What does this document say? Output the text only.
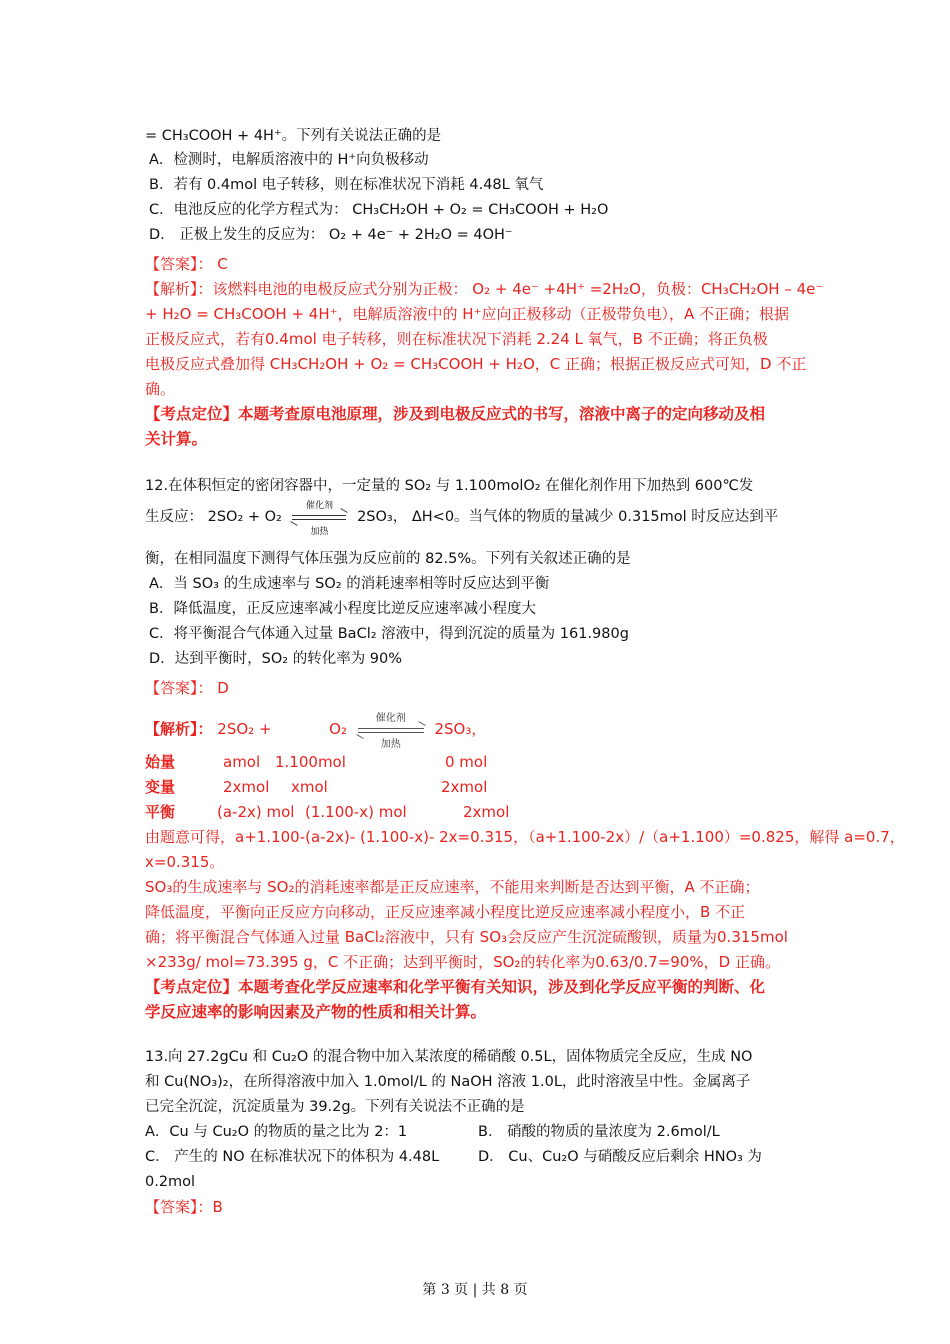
= CH₃COOH + 4H⁺。下列有关说法正确的是
A．检测时，电解质溶液中的 H⁺向负极移动
B．若有 0.4mol 电子转移，则在标准状况下消耗 4.48L 氧气
C．电池反应的化学方程式为： CH₃CH₂OH + O₂ = CH₃COOH + H₂O
D． 正极上发生的反应为： O₂ + 4e⁻ + 2H₂O = 4OH⁻
【答案】： C
【解析】：该燃料电池的电极反应式分别为正极： O₂ + 4e⁻ +4H⁺ =2H₂O，负极：CH₃CH₂OH – 4e⁻
+ H₂O = CH₃COOH + 4H⁺，电解质溶液中的 H⁺应向正极移动（正极带负电），A 不正确；根据
正极反应式，若有0.4mol 电子转移，则在标准状况下消耗 2.24 L 氧气，B 不正确；将正负极
电极反应式叠加得 CH₃CH₂OH + O₂ = CH₃COOH + H₂O，C 正确；根据正极反应式可知，D 不正
确。
【考点定位】本题考查原电池原理，涉及到电极反应式的书写，溶液中离子的定向移动及相
关计算。
12.在体积恒定的密闭容器中，一定量的 SO₂ 与 1.100molO₂ 在催化剂作用下加热到 600℃发
生反应： 2SO₂ + O₂
催化剂
加热
2SO₃， ΔH<0。当气体的物质的量减少 0.315mol 时反应达到平
衡，在相同温度下测得气体压强为反应前的 82.5%。下列有关叙述正确的是
A．当 SO₃ 的生成速率与 SO₂ 的消耗速率相等时反应达到平衡
B．降低温度，正反应速率减小程度比逆反应速率减小程度大
C．将平衡混合气体通入过量 BaCl₂ 溶液中，得到沉淀的质量为 161.980g
D．达到平衡时，SO₂ 的转化率为 90%
【答案】： D
【解析】： 2SO₂ +	O₂
催化剂
加热
2SO₃，
始量	amol 1.100mol	0 mol
变量	2xmol xmol	2xmol
平衡	(a-2x) mol (1.100-x) mol	2xmol
由题意可得，a+1.100-(a-2x)- (1.100-x)- 2x=0.315，（a+1.100-2x）/（a+1.100）=0.825，解得 a=0.7，
x=0.315。
SO₃的生成速率与 SO₂的消耗速率都是正反应速率，不能用来判断是否达到平衡，A 不正确；
降低温度，平衡向正反应方向移动，正反应速率减小程度比逆反应速率减小程度小，B 不正
确；将平衡混合气体通入过量 BaCl₂溶液中，只有 SO₃会反应产生沉淀硫酸钡，质量为0.315mol
×233g/ mol=73.395 g，C 不正确；达到平衡时，SO₂的转化率为0.63/0.7=90%，D 正确。
【考点定位】本题考查化学反应速率和化学平衡有关知识，涉及到化学反应平衡的判断、化
学反应速率的影响因素及产物的性质和相关计算。
13.向 27.2gCu 和 Cu₂O 的混合物中加入某浓度的稀硝酸 0.5L，固体物质完全反应，生成 NO
和 Cu(NO₃)₂，在所得溶液中加入 1.0mol/L 的 NaOH 溶液 1.0L，此时溶液呈中性。金属离子
已完全沉淀，沉淀质量为 39.2g。下列有关说法不正确的是
A．Cu 与 Cu₂O 的物质的量之比为 2：1	B． 硝酸的物质的量浓度为 2.6mol/L
C． 产生的 NO 在标准状况下的体积为 4.48L	D． Cu、Cu₂O 与硝酸反应后剩余 HNO₃ 为
0.2mol
【答案】：B
第 3 页 | 共 8 页
